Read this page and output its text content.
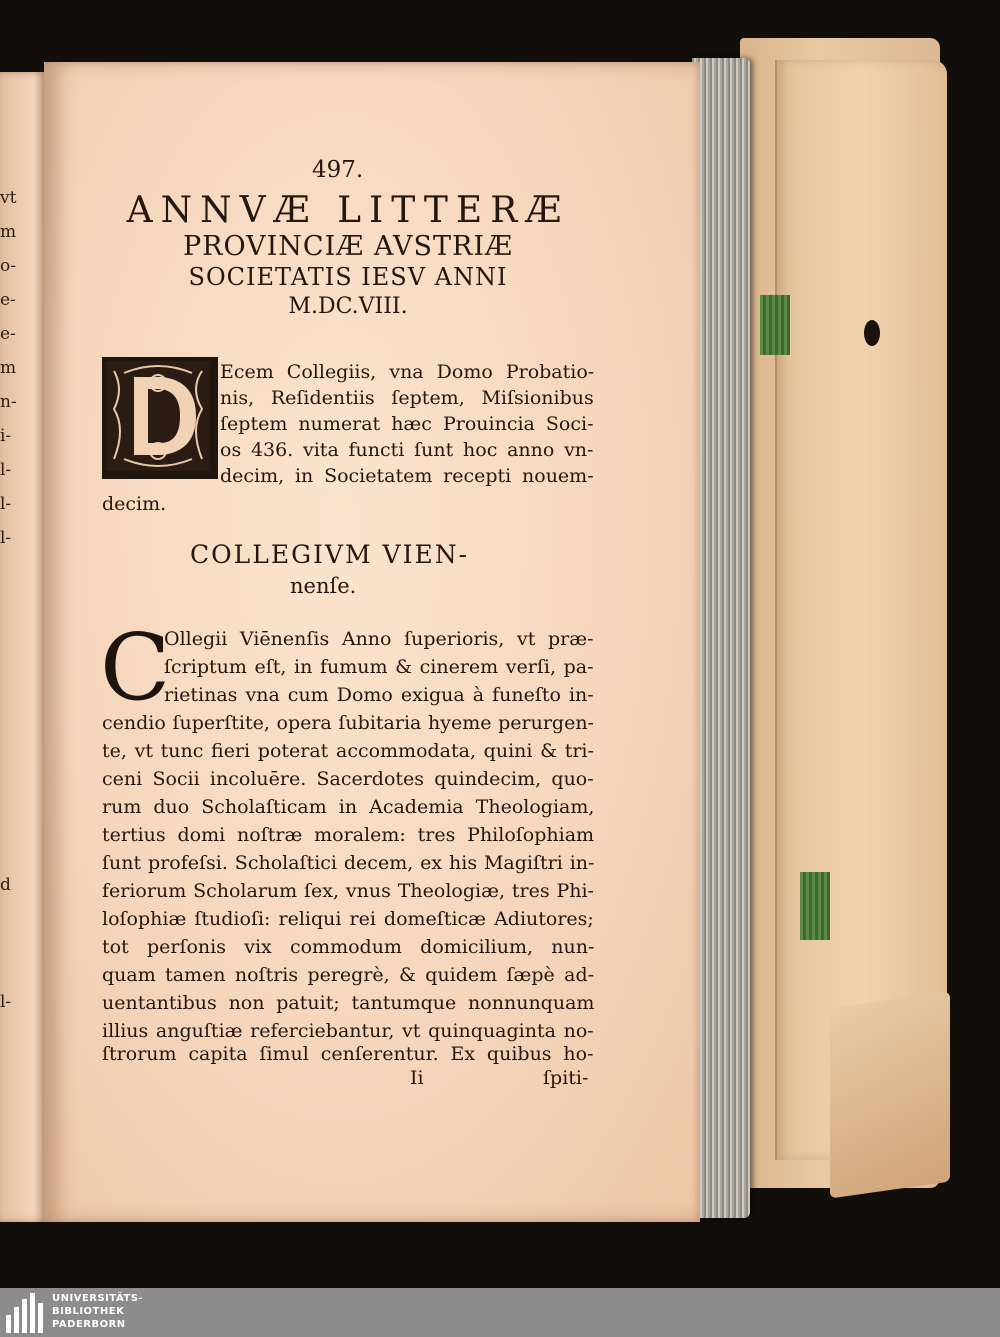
vt
m
o-
e-
e-
m
n-
i-
l-
l-
l-
d
l-
497.
ANNVÆ LITTERÆ
PROVINCIÆ AVSTRIÆ
SOCIETATIS IESV ANNI
M.DC.VIII.
Ecem Collegiis, vna Domo Probatio-
nis, Reſidentiis ſeptem, Miſsionibus
ſeptem numerat hæc Prouincia Soci-
os 436. vita functi ſunt hoc anno vn-
decim, in Societatem recepti nouem-
decim.
COLLEGIVM VIEN-
nenſe.
C
Ollegii Viēnenſis Anno ſuperioris, vt præ-
ſcriptum eſt, in fumum & cinerem verſi, pa-
rietinas vna cum Domo exigua à funeſto in-
cendio ſuperſtite, opera ſubitaria hyeme perurgen-
te, vt tunc fieri poterat accommodata, quini & tri-
ceni Socii incoluēre. Sacerdotes quindecim, quo-
rum duo Scholaſticam in Academia Theologiam,
tertius domi noſtræ moralem: tres Philoſophiam
ſunt profeſsi. Scholaſtici decem, ex his Magiſtri in-
feriorum Scholarum ſex, vnus Theologiæ, tres Phi-
loſophiæ ſtudioſi: reliqui rei domeſticæ Adiutores;
tot perſonis vix commodum domicilium, nun-
quam tamen noſtris peregrè, & quidem ſæpè ad-
uentantibus non patuit; tantumque nonnunquam
illius anguſtiæ referciebantur, vt quinquaginta no-
ſtrorum capita ſimul cenſerentur. Ex quibus ho-
Ii	ſpiti-
UNIVERSITÄTS-
BIBLIOTHEK
PADERBORN
